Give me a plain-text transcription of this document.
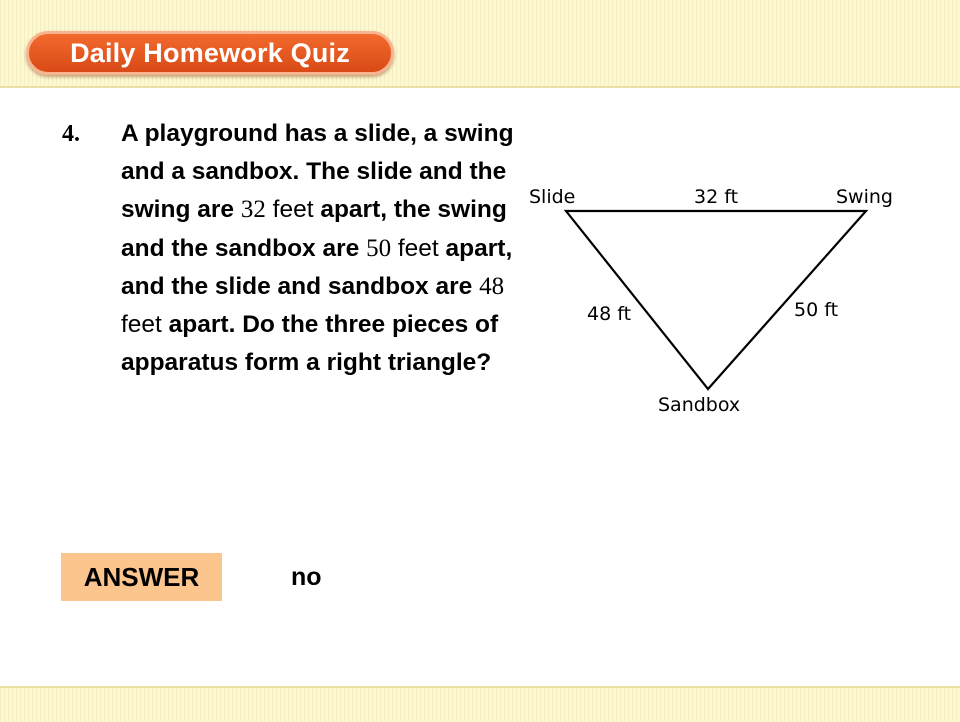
Daily Homework Quiz
4. A playground has a slide, a swing and a sandbox. The slide and the swing are 32 feet apart, the swing and the sandbox are 50 feet apart, and the slide and sandbox are 48 feet apart. Do the three pieces of apparatus form a right triangle?

Slide	32 ft	Swing
48 ft	50 ft
Sandbox
ANSWER	no
